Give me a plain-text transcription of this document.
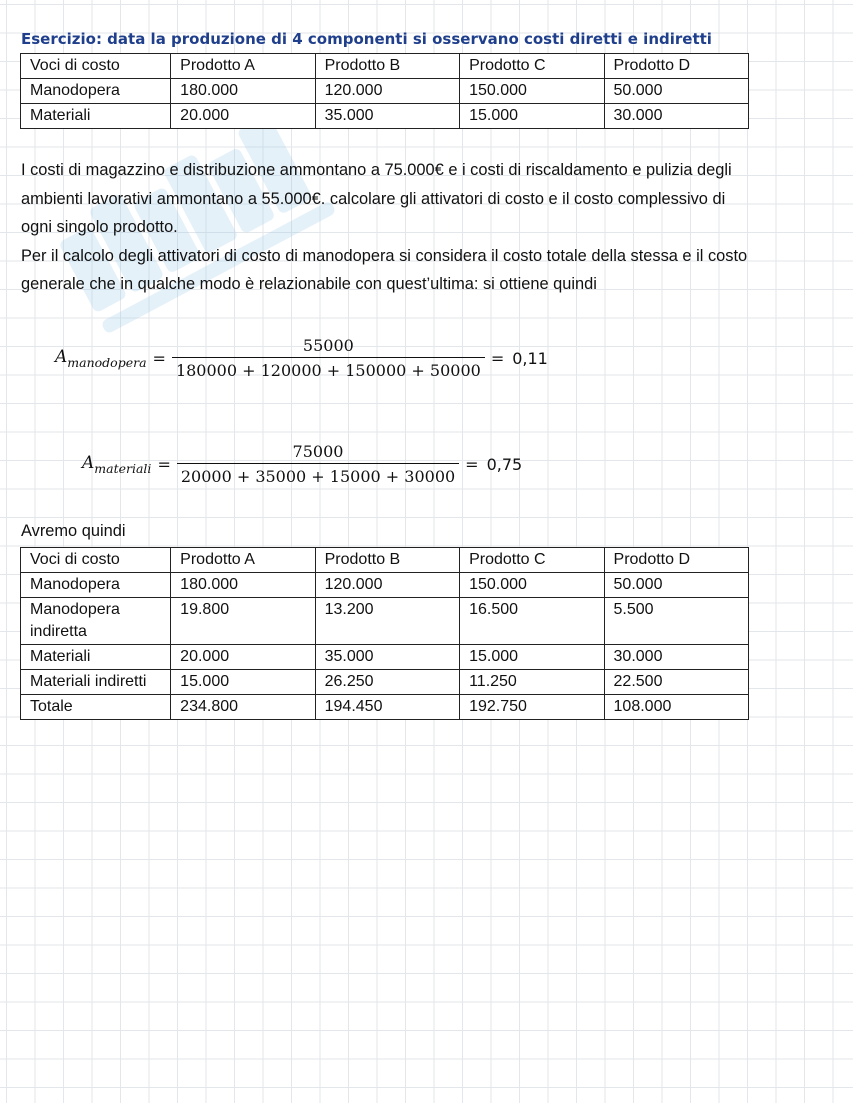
Esercizio: data la produzione di 4 componenti si osservano costi diretti e indiretti
Voci di costo	Prodotto A	Prodotto B	Prodotto C	Prodotto D
Manodopera	180.000	120.000	150.000	50.000
Materiali	20.000	35.000	15.000	30.000

I costi di magazzino e distribuzione ammontano a 75.000€ e i costi di riscaldamento e pulizia degli ambienti lavorativi ammontano a 55.000€. calcolare gli attivatori di costo e il costo complessivo di ogni singolo prodotto.

Per il calcolo degli attivatori di costo di manodopera si considera il costo totale della stessa e il costo generale che in qualche modo è relazionabile con quest’ultima: si ottiene quindi

$A_{manodopera} = \frac{55000}{180000 + 120000 + 150000 + 50000} = 0,11$
$A_{materiali} = \frac{75000}{20000 + 35000 + 15000 + 30000} = 0,75$
Avremo quindi
Voci di costo	Prodotto A	Prodotto B	Prodotto C	Prodotto D
Manodopera	180.000	120.000	150.000	50.000
Manodopera indiretta	19.800	13.200	16.500	5.500
Materiali	20.000	35.000	15.000	30.000
Materiali indiretti	15.000	26.250	11.250	22.500
Totale	234.800	194.450	192.750	108.000
